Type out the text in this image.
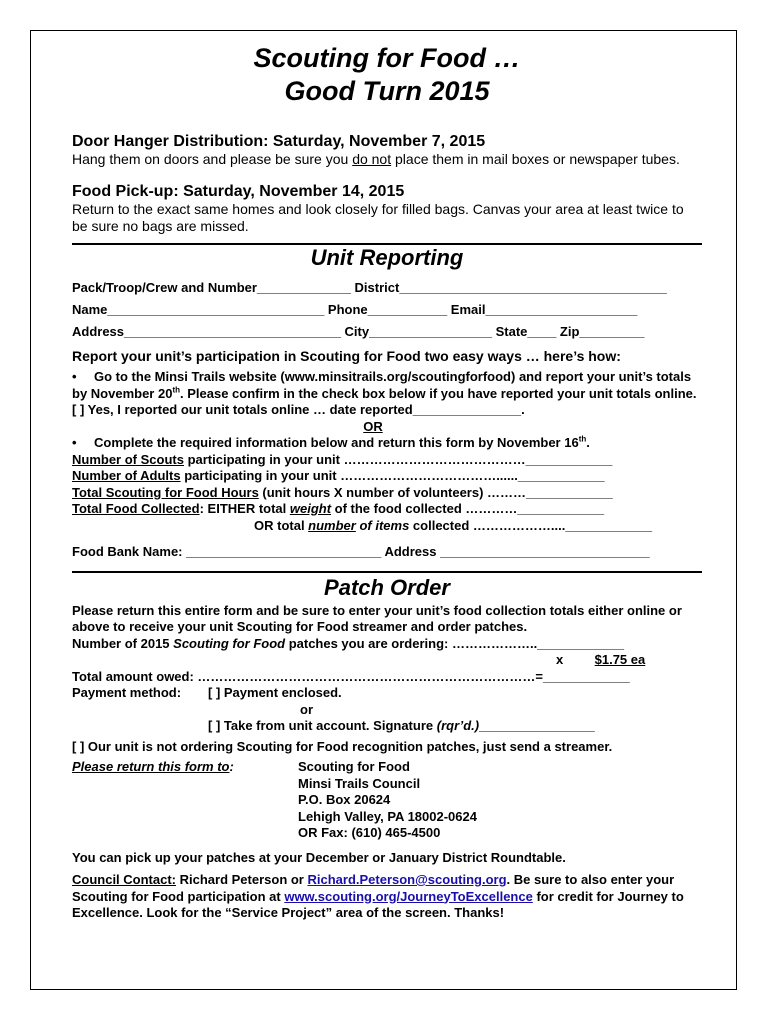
Scouting for Food …

Good Turn 2015

Door Hanger Distribution: Saturday, November 7, 2015

Hang them on doors and please be sure you do not place them in mail boxes or newspaper tubes.

Food Pick-up: Saturday, November 14, 2015

Return to the exact same homes and look closely for filled bags. Canvas your area at least twice to be sure no bags are missed.

Unit Reporting

Pack/Troop/Crew and Number_____________ District_____________________________________

Name______________________________ Phone___________ Email_____________________

Address______________________________ City_________________ State____ Zip_________

Report your unit’s participation in Scouting for Food two easy ways … here’s how:

• Go to the Minsi Trails website (www.minsitrails.org/scoutingforfood) and report your unit’s totals by November 20th. Please confirm in the check box below if you have reported your unit totals online.

[ ] Yes, I reported our unit totals online … date reported_______________.

OR

• Complete the required information below and return this form by November 16th.

Number of Scouts participating in your unit ……………………………………____________

Number of Adults participating in your unit ………………………………......____________

Total Scouting for Food Hours (unit hours X number of volunteers) ………____________

Total Food Collected: EITHER total weight of the food collected …………____________

OR total number of items collected ………………....____________

Food Bank Name: ___________________________ Address _____________________________

Patch Order

Please return this entire form and be sure to enter your unit’s food collection totals either online or above to receive your unit Scouting for Food streamer and order patches.

Number of 2015 Scouting for Food patches you are ordering: ………………..____________

x $1.75 ea

Total amount owed: ……………………………………………………………………=____________

Payment method: [ ] Payment enclosed.

or

[ ] Take from unit account. Signature (rqr’d.)________________

[ ] Our unit is not ordering Scouting for Food recognition patches, just send a streamer.

Please return this form to:	Scouting for Food

Minsi Trails Council

P.O. Box 20624

Lehigh Valley, PA 18002-0624

OR Fax: (610) 465-4500

You can pick up your patches at your December or January District Roundtable.

Council Contact: Richard Peterson or Richard.Peterson@scouting.org. Be sure to also enter your Scouting for Food participation at www.scouting.org/JourneyToExcellence for credit for Journey to Excellence. Look for the “Service Project” area of the screen. Thanks!
